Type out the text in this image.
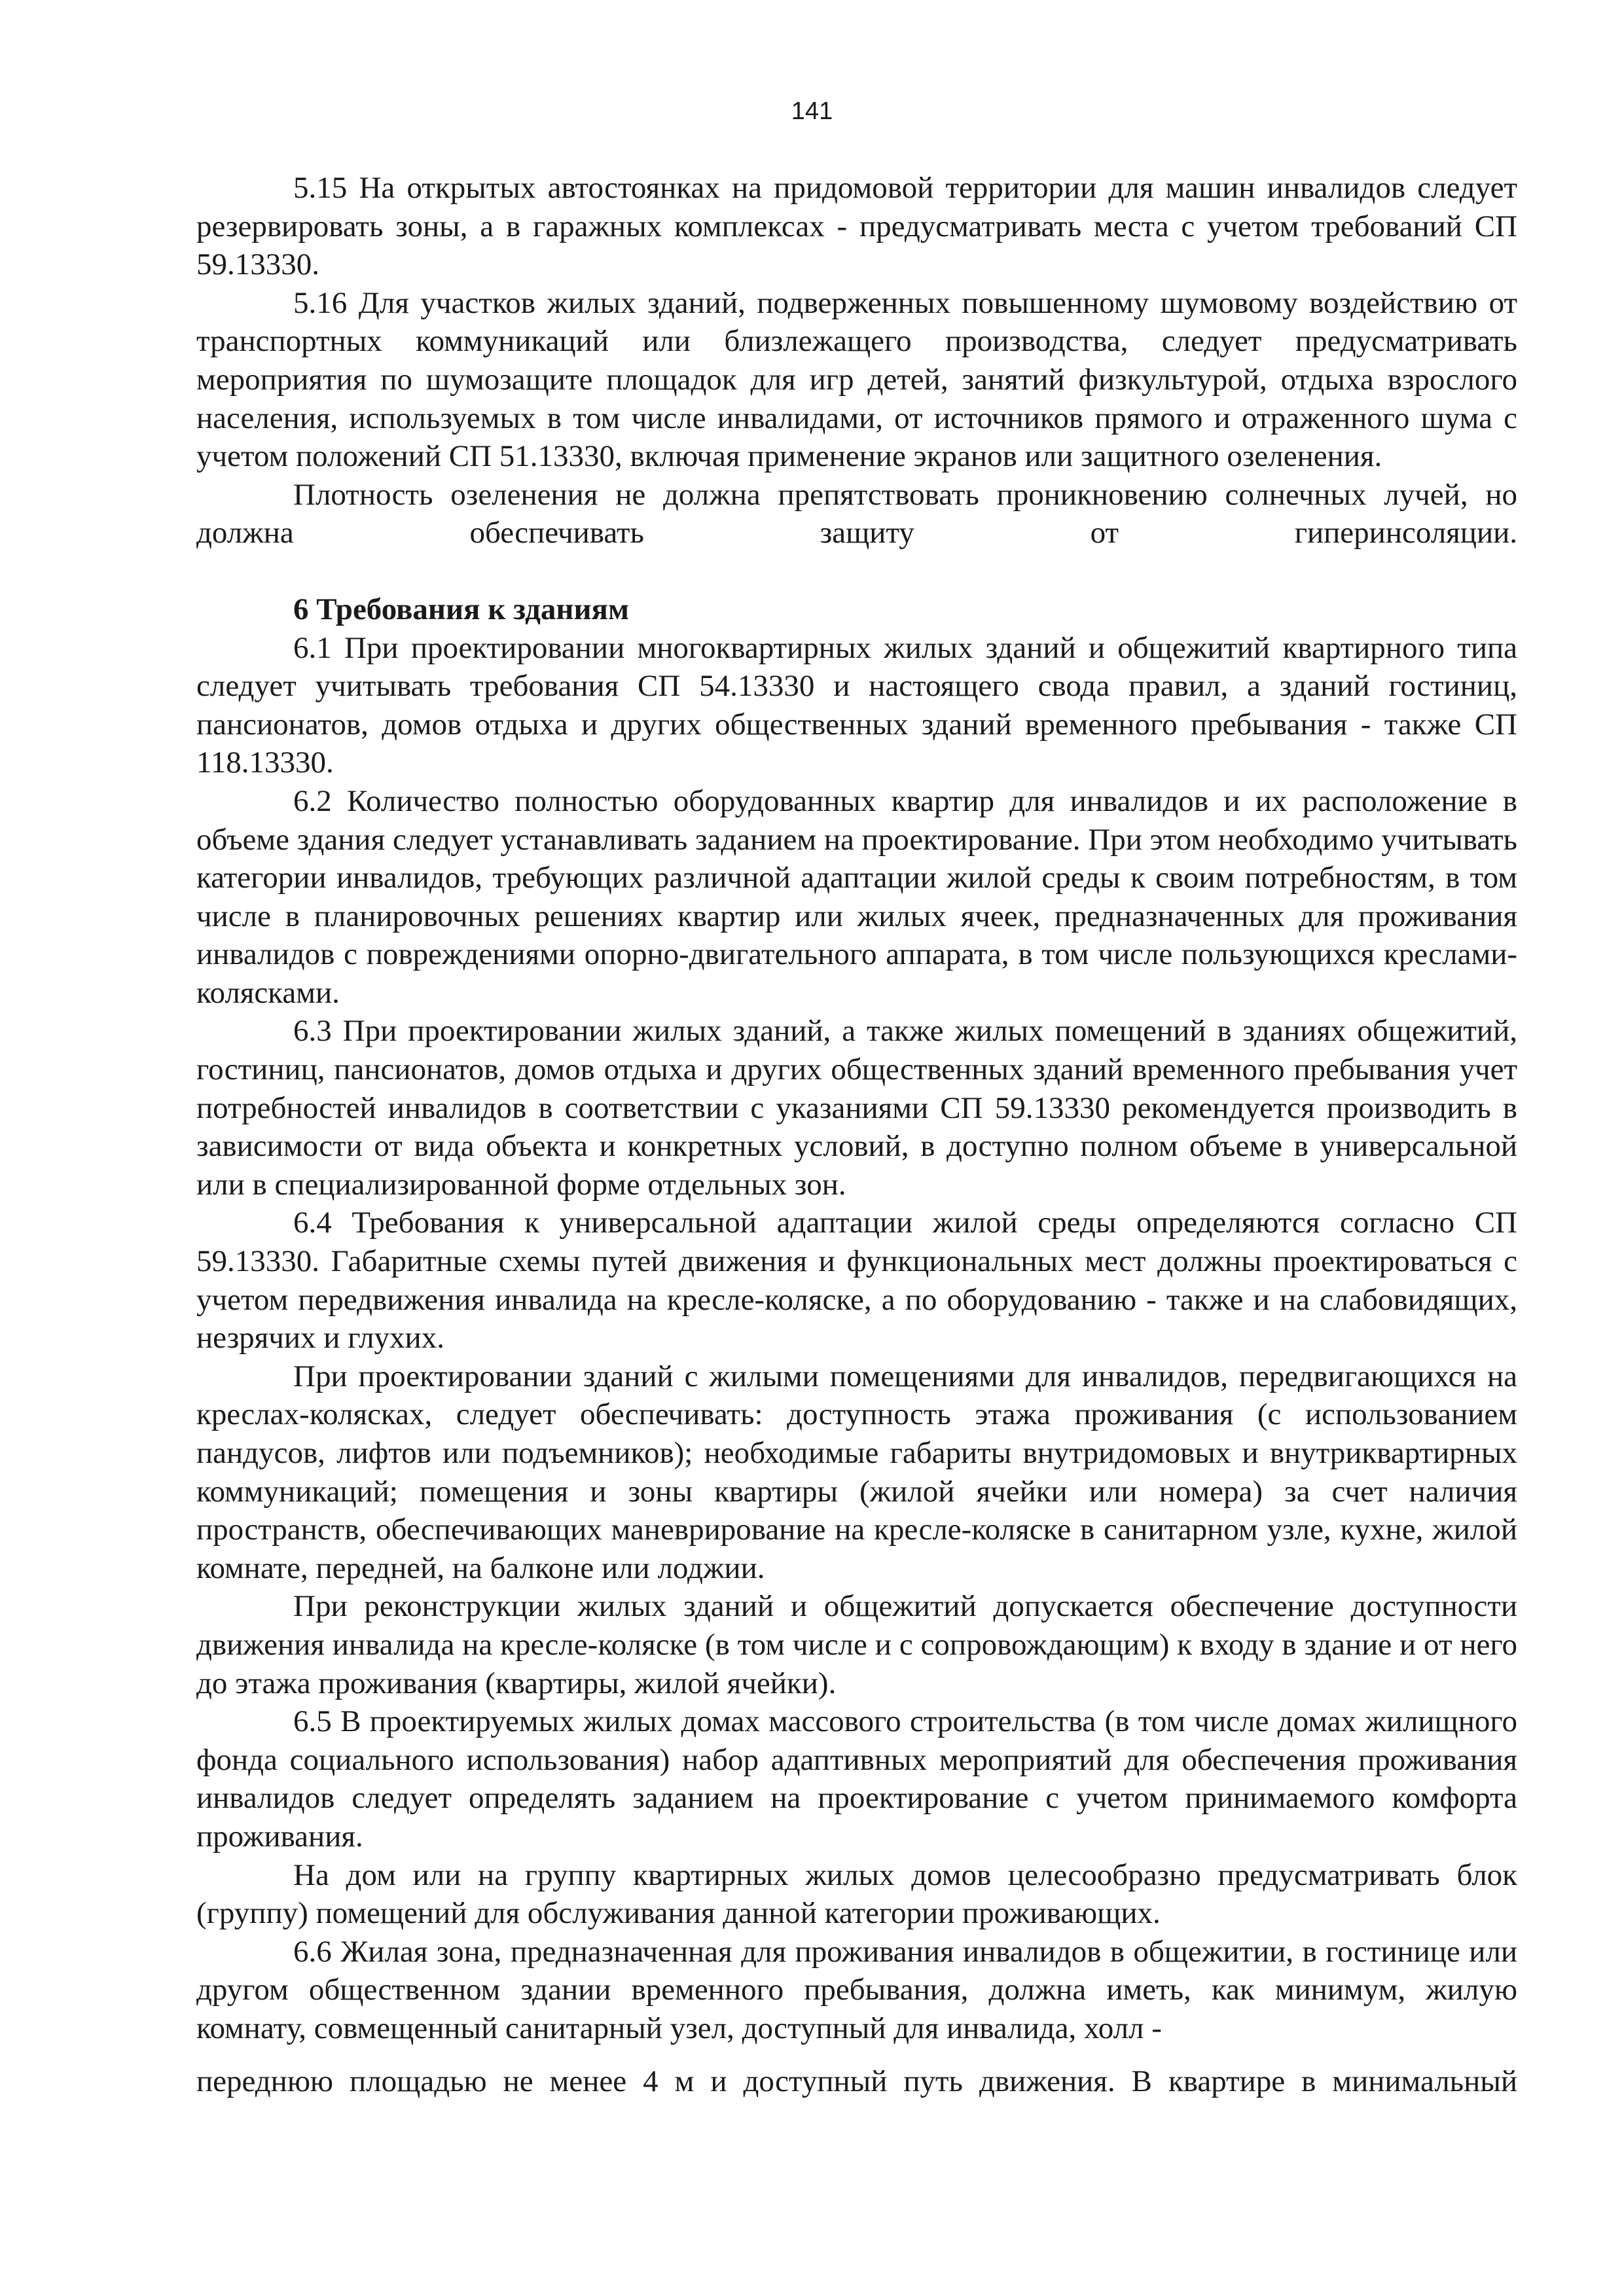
141

5.15 На открытых автостоянках на придомовой территории для машин инвалидов следует резервировать зоны, а в гаражных комплексах - предусматривать места с учетом требований СП 59.13330.

5.16 Для участков жилых зданий, подверженных повышенному шумовому воздействию от транспортных коммуникаций или близлежащего производства, следует предусматривать мероприятия по шумозащите площадок для игр детей, занятий физкультурой, отдыха взрослого населения, используемых в том числе инвалидами, от источников прямого и отраженного шума с учетом положений СП 51.13330, включая применение экранов или защитного озеленения.

Плотность озеленения не должна препятствовать проникновению солнечных лучей, но должна обеспечивать защиту от гиперинсоляции.

6 Требования к зданиям

6.1 При проектировании многоквартирных жилых зданий и общежитий квартирного типа следует учитывать требования СП 54.13330 и настоящего свода правил, а зданий гостиниц, пансионатов, домов отдыха и других общественных зданий временного пребывания - также СП 118.13330.

6.2 Количество полностью оборудованных квартир для инвалидов и их расположение в объеме здания следует устанавливать заданием на проектирование. При этом необходимо учитывать категории инвалидов, требующих различной адаптации жилой среды к своим потребностям, в том числе в планировочных решениях квартир или жилых ячеек, предназначенных для проживания инвалидов с повреждениями опорно-двигательного аппарата, в том числе пользующихся креслами-колясками.

6.3 При проектировании жилых зданий, а также жилых помещений в зданиях общежитий, гостиниц, пансионатов, домов отдыха и других общественных зданий временного пребывания учет потребностей инвалидов в соответствии с указаниями СП 59.13330 рекомендуется производить в зависимости от вида объекта и конкретных условий, в доступно полном объеме в универсальной или в специализированной форме отдельных зон.

6.4 Требования к универсальной адаптации жилой среды определяются согласно СП 59.13330. Габаритные схемы путей движения и функциональных мест должны проектироваться с учетом передвижения инвалида на кресле-коляске, а по оборудованию - также и на слабовидящих, незрячих и глухих.

При проектировании зданий с жилыми помещениями для инвалидов, передвигающихся на креслах-колясках, следует обеспечивать: доступность этажа проживания (с использованием пандусов, лифтов или подъемников); необходимые габариты внутридомовых и внутриквартирных коммуникаций; помещения и зоны квартиры (жилой ячейки или номера) за счет наличия пространств, обеспечивающих маневрирование на кресле-коляске в санитарном узле, кухне, жилой комнате, передней, на балконе или лоджии.

При реконструкции жилых зданий и общежитий допускается обеспечение доступности движения инвалида на кресле-коляске (в том числе и с сопровождающим) к входу в здание и от него до этажа проживания (квартиры, жилой ячейки).

6.5 В проектируемых жилых домах массового строительства (в том числе домах жилищного фонда социального использования) набор адаптивных мероприятий для обеспечения проживания инвалидов следует определять заданием на проектирование с учетом принимаемого комфорта проживания.

На дом или на группу квартирных жилых домов целесообразно предусматривать блок (группу) помещений для обслуживания данной категории проживающих.

6.6 Жилая зона, предназначенная для проживания инвалидов в общежитии, в гостинице или другом общественном здании временного пребывания, должна иметь, как минимум, жилую комнату, совмещенный санитарный узел, доступный для инвалида, холл -

переднюю площадью не менее 4 м и доступный путь движения. В квартире в минимальный
